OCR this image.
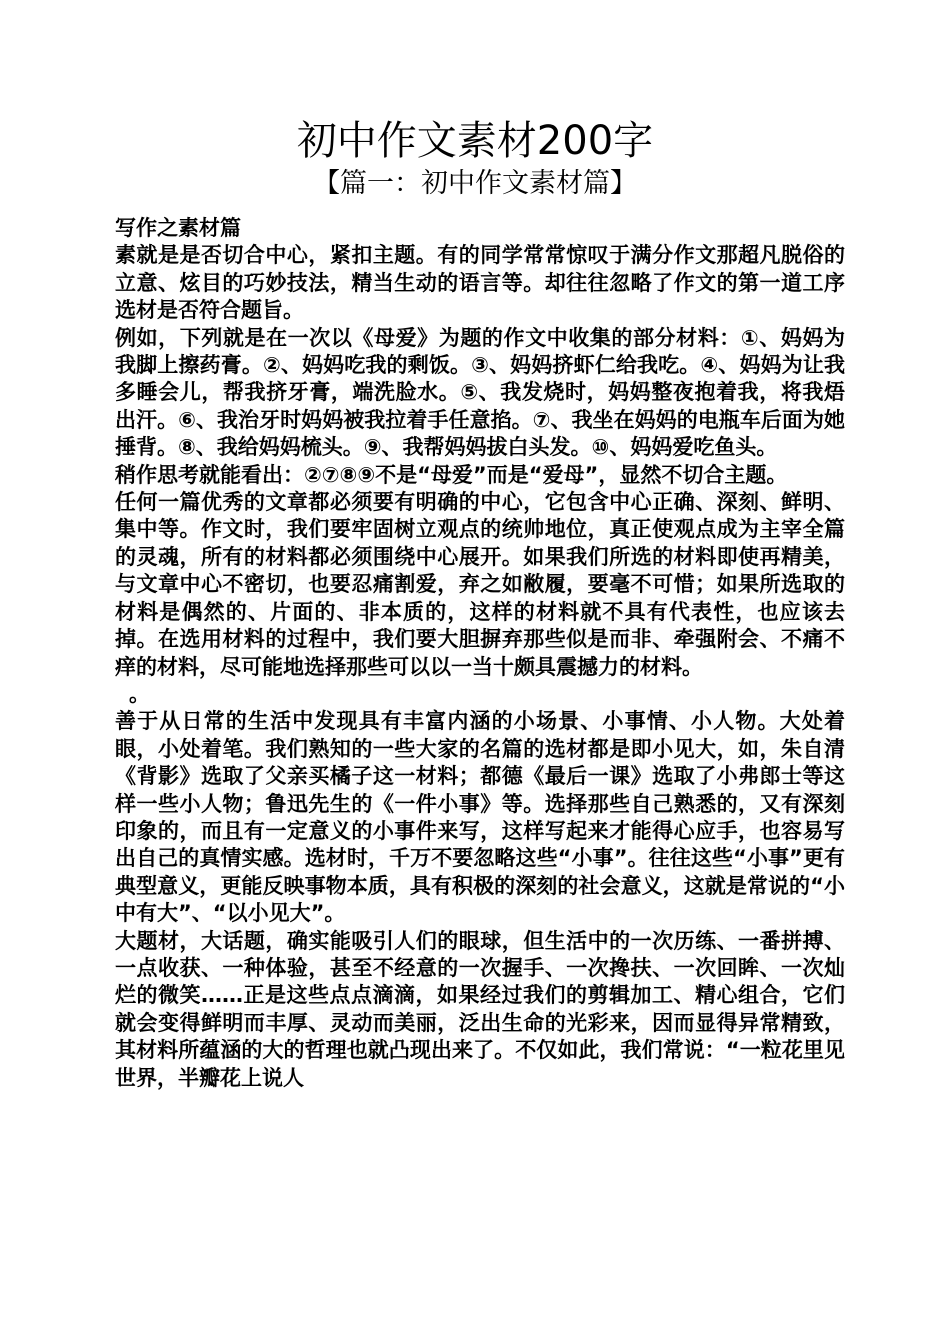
初中作文素材200字
【篇一：初中作文素材篇】

写作之素材篇

素就是是否切合中心，紧扣主题。有的同学常常惊叹于满分作文那超凡脱俗的立意、炫目的巧妙技法，精当生动的语言等。却往往忽略了作文的第一道工序选材是否符合题旨。

例如，下列就是在一次以《母爱》为题的作文中收集的部分材料：①、妈妈为我脚上擦药膏。②、妈妈吃我的剩饭。③、妈妈挤虾仁给我吃。④、妈妈为让我多睡会儿，帮我挤牙膏，端洗脸水。⑤、我发烧时，妈妈整夜抱着我，将我焐出汗。⑥、我治牙时妈妈被我拉着手任意掐。⑦、我坐在妈妈的电瓶车后面为她捶背。⑧、我给妈妈梳头。⑨、我帮妈妈拔白头发。⑩、妈妈爱吃鱼头。

稍作思考就能看出：②⑦⑧⑨不是“母爱”而是“爱母”，显然不切合主题。

任何一篇优秀的文章都必须要有明确的中心，它包含中心正确、深刻、鲜明、集中等。作文时，我们要牢固树立观点的统帅地位，真正使观点成为主宰全篇的灵魂，所有的材料都必须围绕中心展开。如果我们所选的材料即使再精美，与文章中心不密切，也要忍痛割爱，弃之如敝履，要毫不可惜；如果所选取的材料是偶然的、片面的、非本质的，这样的材料就不具有代表性，也应该去掉。在选用材料的过程中，我们要大胆摒弃那些似是而非、牵强附会、不痛不痒的材料，尽可能地选择那些可以以一当十颇具震撼力的材料。

。

善于从日常的生活中发现具有丰富内涵的小场景、小事情、小人物。大处着眼，小处着笔。我们熟知的一些大家的名篇的选材都是即小见大，如，朱自清《背影》选取了父亲买橘子这一材料；都德《最后一课》选取了小弗郎士等这样一些小人物；鲁迅先生的《一件小事》等。选择那些自己熟悉的，又有深刻印象的，而且有一定意义的小事件来写，这样写起来才能得心应手，也容易写出自己的真情实感。选材时，千万不要忽略这些“小事”。往往这些“小事”更有典型意义，更能反映事物本质，具有积极的深刻的社会意义，这就是常说的“小中有大”、“以小见大”。

大题材，大话题，确实能吸引人们的眼球，但生活中的一次历练、一番拼搏、一点收获、一种体验，甚至不经意的一次握手、一次搀扶、一次回眸、一次灿烂的微笑……正是这些点点滴滴，如果经过我们的剪辑加工、精心组合，它们就会变得鲜明而丰厚、灵动而美丽，泛出生命的光彩来，因而显得异常精致，其材料所蕴涵的大的哲理也就凸现出来了。不仅如此，我们常说：“一粒花里见世界，半瓣花上说人
